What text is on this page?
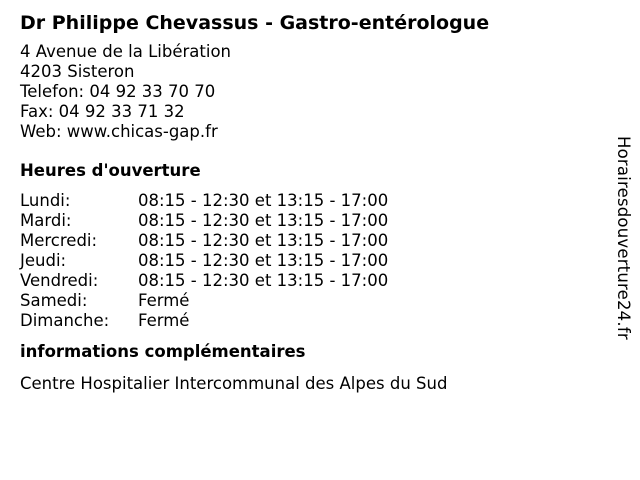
Dr Philippe Chevassus - Gastro-entérologue
4 Avenue de la Libération
4203 Sisteron
Telefon: 04 92 33 70 70
Fax: 04 92 33 71 32
Web: www.chicas-gap.fr
Heures d'ouverture
Lundi:	08:15 - 12:30 et 13:15 - 17:00
Mardi:	08:15 - 12:30 et 13:15 - 17:00
Mercredi:	08:15 - 12:30 et 13:15 - 17:00
Jeudi:	08:15 - 12:30 et 13:15 - 17:00
Vendredi:	08:15 - 12:30 et 13:15 - 17:00
Samedi:	Fermé
Dimanche:	Fermé
informations complémentaires
Centre Hospitalier Intercommunal des Alpes du Sud
Horairesdouverture24.fr
